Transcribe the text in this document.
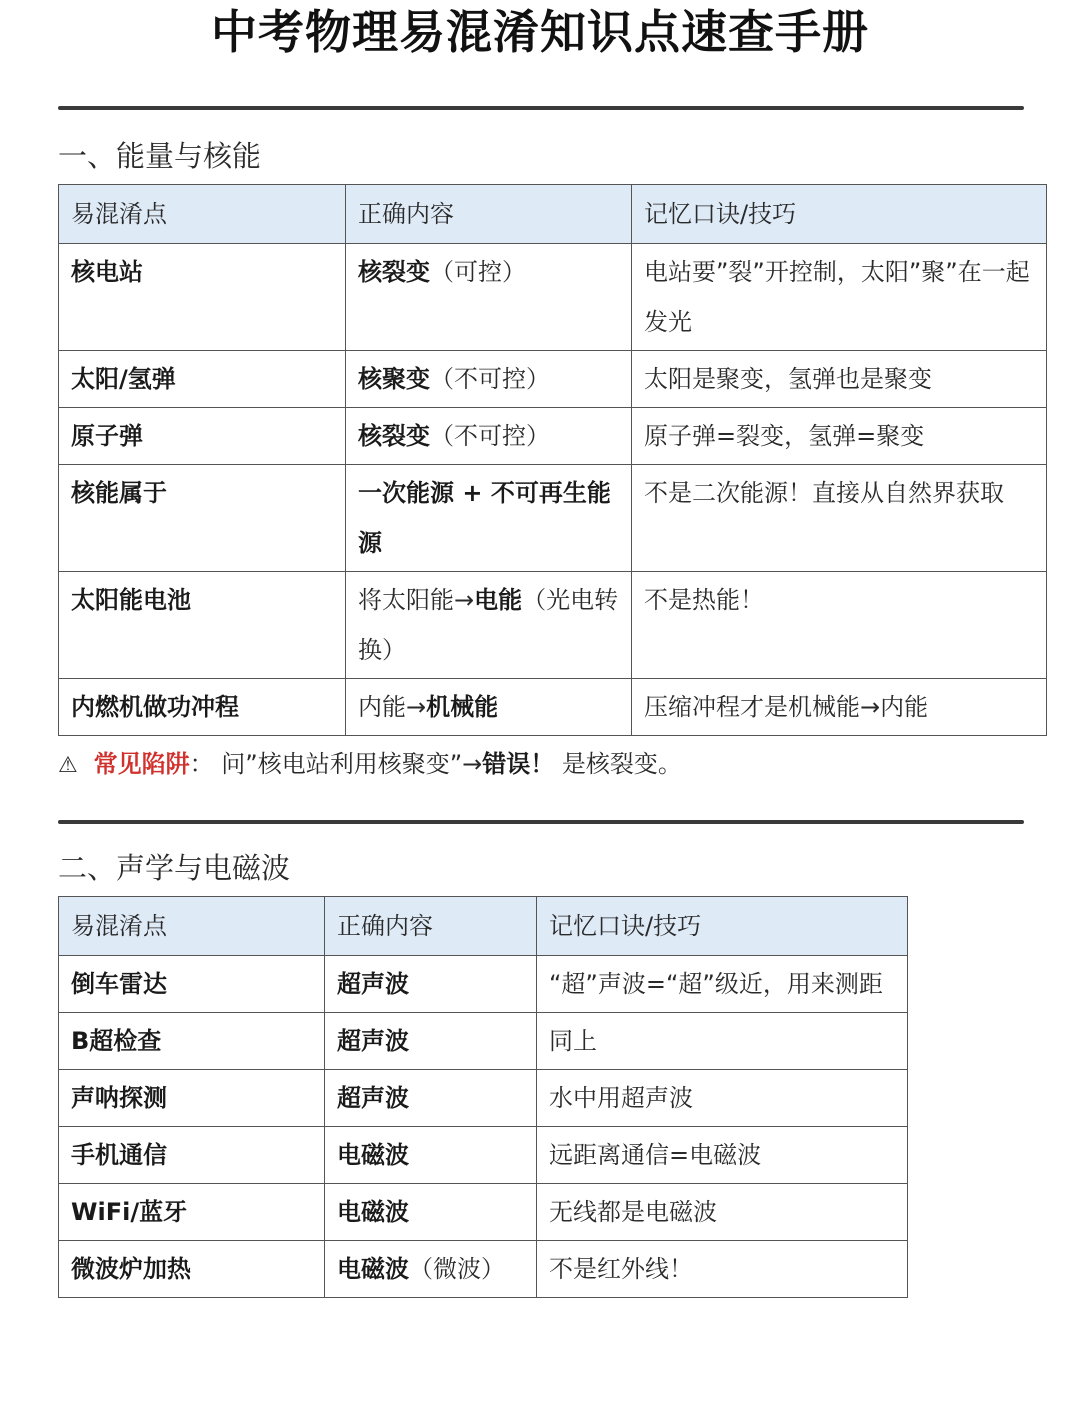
中考物理易混淆知识点速查手册
一、能量与核能
易混淆点	正确内容	记忆口诀/技巧
核电站	核裂变（可控）	电站要”裂”开控制，太阳”聚”在一起发光
太阳/氢弹	核聚变（不可控）	太阳是聚变，氢弹也是聚变
原子弹	核裂变（不可控）	原子弹=裂变，氢弹=聚变
核能属于	一次能源 + 不可再生能源	不是二次能源！直接从自然界获取
太阳能电池	将太阳能→电能（光电转换）	不是热能！
内燃机做功冲程	内能→机械能	压缩冲程才是机械能→内能
⚠ 常见陷阱： 问”核电站利用核聚变”→错误！ 是核裂变。
二、声学与电磁波
易混淆点	正确内容	记忆口诀/技巧
倒车雷达	超声波	“超”声波=“超”级近，用来测距
B超检查	超声波	同上
声呐探测	超声波	水中用超声波
手机通信	电磁波	远距离通信=电磁波
WiFi/蓝牙	电磁波	无线都是电磁波
微波炉加热	电磁波（微波）	不是红外线！
